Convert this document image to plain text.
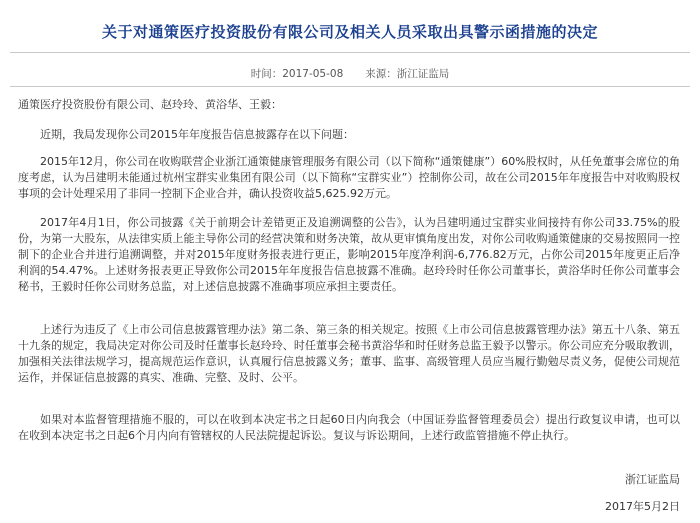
关于对通策医疗投资股份有限公司及相关人员采取出具警示函措施的决定
时间：2017-05-08 来源：浙江证监局

通策医疗投资股份有限公司、赵玲玲、黄浴华、王毅：

近期，我局发现你公司2015年年度报告信息披露存在以下问题：

2015年12月，你公司在收购联营企业浙江通策健康管理服务有限公司（以下简称“通策健康”）60%股权时，从任免董事会席位的角度考虑，认为吕建明未能通过杭州宝群实业集团有限公司（以下简称“宝群实业”）控制你公司，故在公司2015年年度报告中对收购股权事项的会计处理采用了非同一控制下企业合并，确认投资收益5,625.92万元。

2017年4月1日，你公司披露《关于前期会计差错更正及追溯调整的公告》，认为吕建明通过宝群实业间接持有你公司33.75%的股份，为第一大股东，从法律实质上能主导你公司的经营决策和财务决策，故从更审慎角度出发，对你公司收购通策健康的交易按照同一控制下的企业合并进行追溯调整，并对2015年度财务报表进行更正，影响2015年度净利润-6,776.82万元，占你公司2015年度更正后净利润的54.47%。上述财务报表更正导致你公司2015年年度报告信息披露不准确。赵玲玲时任你公司董事长，黄浴华时任你公司董事会秘书，王毅时任你公司财务总监，对上述信息披露不准确事项应承担主要责任。

上述行为违反了《上市公司信息披露管理办法》第二条、第三条的相关规定。按照《上市公司信息披露管理办法》第五十八条、第五十九条的规定，我局决定对你公司及时任董事长赵玲玲、时任董事会秘书黄浴华和时任财务总监王毅予以警示。你公司应充分吸取教训，加强相关法律法规学习，提高规范运作意识，认真履行信息披露义务；董事、监事、高级管理人员应当履行勤勉尽责义务，促使公司规范运作，并保证信息披露的真实、准确、完整、及时、公平。

如果对本监督管理措施不服的，可以在收到本决定书之日起60日内向我会（中国证券监督管理委员会）提出行政复议申请，也可以在收到本决定书之日起6个月内向有管辖权的人民法院提起诉讼。复议与诉讼期间，上述行政监管措施不停止执行。

浙江证监局
2017年5月2日
